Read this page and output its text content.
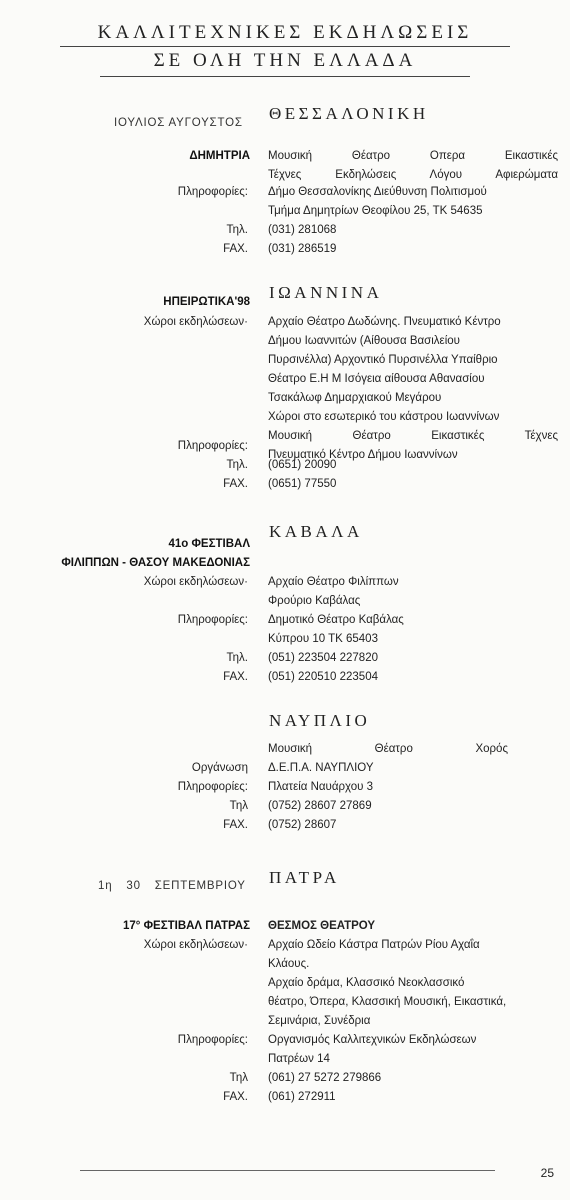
ΚΑΛΛΙΤΕΧΝΙΚΕΣ ΕΚΔΗΛΩΣΕΙΣ
ΣΕ ΟΛΗ ΤΗΝ ΕΛΛΑΔΑ
ΙΟΥΛΙΟΣ ΑΥΓΟΥΣΤΟΣ ΘΕΣΣΑΛΟΝΙΚΗ
ΔΗΜΗΤΡΙΑ Μουσική Θέατρο Οπερα Εικαστικές
Τέχνες Εκδηλώσεις Λόγου Αφιερώματα
Πληροφορίες: Δήμο Θεσσαλονίκης Διεύθυνση Πολιτισμού
Τμήμα Δημητρίων Θεοφίλου 25, ΤΚ 54635
Τηλ. (031) 281068
FAX. (031) 286519
ΙΩΑΝΝΙΝΑ
ΗΠΕΙΡΩΤΙΚΑ'98
Χώροι εκδηλώσεων· Αρχαίο Θέατρο Δωδώνης. Πνευματικό Κέντρο
Δήμου Ιωαννιτών (Αίθουσα Βασιλείου
Πυρσινέλλα) Αρχοντικό Πυρσινέλλα Υπαίθριο
Θέατρο Ε.Η Μ Ισόγεια αίθουσα Αθανασίου
Τσακάλωφ Δημαρχιακού Μεγάρου
Χώροι στο εσωτερικό του κάστρου Ιωαννίνων
Μουσική Θέατρο Εικαστικές Τέχνες
Πληροφορίες:
Πνευματικό Κέντρο Δήμου Ιωαννίνων
Τηλ. (0651) 20090
FAX. (0651) 77550
ΚΑΒΑΛΑ
41ο ΦΕΣΤΙΒΑΛ
ΦΙΛΙΠΠΩΝ - ΘΑΣΟΥ ΜΑΚΕΔΟΝΙΑΣ
Χώροι εκδηλώσεων· Αρχαίο Θέατρο Φιλίππων
Φρούριο Καβάλας
Πληροφορίες: Δημοτικό Θέατρο Καβάλας
Κύπρου 10 ΤΚ 65403
Τηλ. (051) 223504 227820
FAX. (051) 220510 223504
ΝΑΥΠΛΙΟ
Μουσική Θέατρο Χορός
Οργάνωση Δ.Ε.Π.Α. ΝΑΥΠΛΙΟΥ
Πληροφορίες: Πλατεία Ναυάρχου 3
Τηλ (0752) 28607 27869
FAX. (0752) 28607
1η 30 ΣΕΠΤΕΜΒΡΙΟΥ ΠΑΤΡΑ
17° ΦΕΣΤΙΒΑΛ ΠΑΤΡΑΣ ΘΕΣΜΟΣ ΘΕΑΤΡΟΥ
Χώροι εκδηλώσεων· Αρχαίο Ωδείο Κάστρα Πατρών Ρίου Αχαΐα
Κλάους.
Αρχαίο δράμα, Κλασσικό Νεοκλασσικό
θέατρο, Όπερα, Κλασσική Μουσική, Εικαστικά,
Σεμινάρια, Συνέδρια
Πληροφορίες: Οργανισμός Καλλιτεχνικών Εκδηλώσεων
Πατρέων 14
Τηλ (061) 27 5272 279866
FAX. (061) 272911
25
